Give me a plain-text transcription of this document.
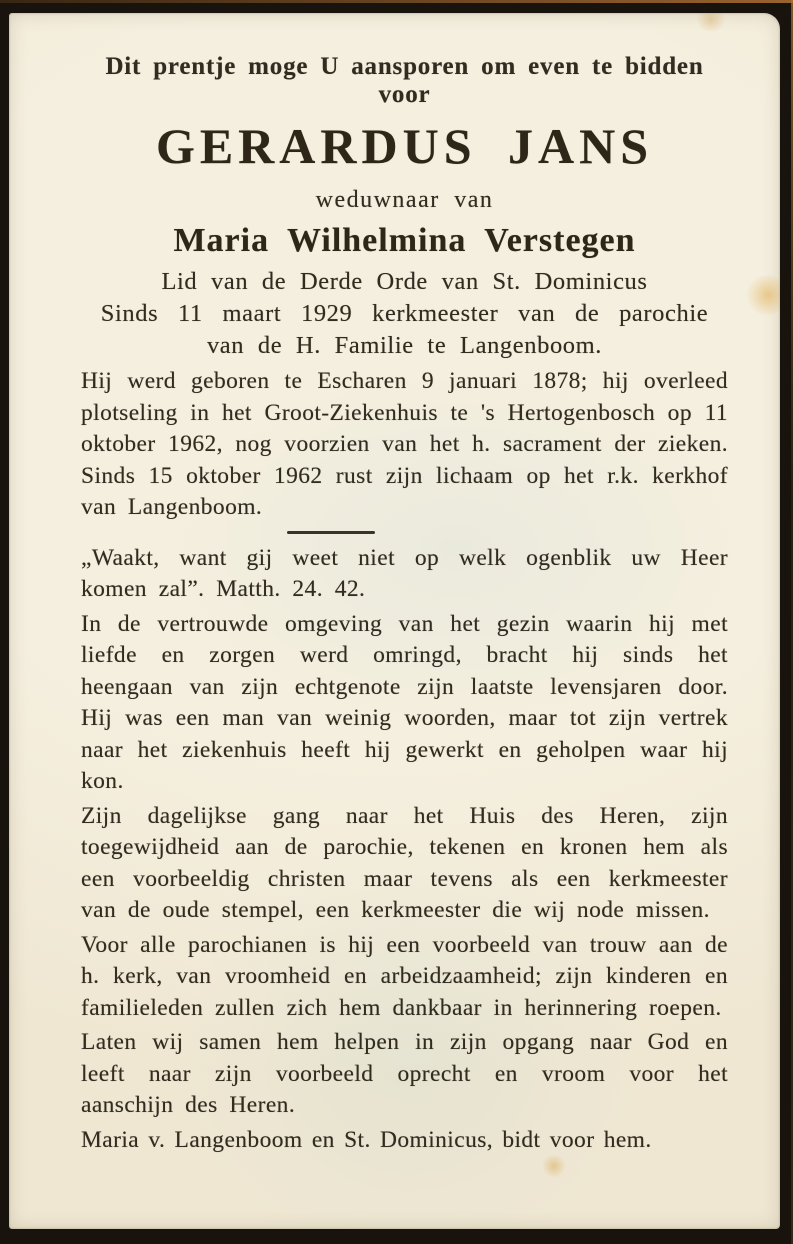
Dit prentje moge U aansporen om even te bidden voor

GERARDUS JANS

weduwnaar van

Maria Wilhelmina Verstegen
Lid van de Derde Orde van St. Dominicus
Sinds 11 maart 1929 kerkmeester van de parochie
van de H. Familie te Langenboom.

Hij werd geboren te Escharen 9 januari 1878; hij overleed plotseling in het Groot-Ziekenhuis te 's Hertogenbosch op 11 oktober 1962, nog voorzien van het h. sacrament der zieken. Sinds 15 oktober 1962 rust zijn lichaam op het r.k. kerkhof van Langenboom.

„Waakt, want gij weet niet op welk ogenblik uw Heer komen zal”. Matth. 24. 42.

In de vertrouwde omgeving van het gezin waarin hij met liefde en zorgen werd omringd, bracht hij sinds het heengaan van zijn echtgenote zijn laatste levensjaren door. Hij was een man van weinig woorden, maar tot zijn vertrek naar het ziekenhuis heeft hij gewerkt en geholpen waar hij kon.

Zijn dagelijkse gang naar het Huis des Heren, zijn toegewijdheid aan de parochie, tekenen en kronen hem als een voorbeeldig christen maar tevens als een kerkmeester van de oude stempel, een kerkmeester die wij node missen.

Voor alle parochianen is hij een voorbeeld van trouw aan de h. kerk, van vroomheid en arbeidzaamheid; zijn kinderen en familieleden zullen zich hem dankbaar in herinnering roepen.

Laten wij samen hem helpen in zijn opgang naar God en leeft naar zijn voorbeeld oprecht en vroom voor het aanschijn des Heren.

Maria v. Langenboom en St. Dominicus, bidt voor hem.
